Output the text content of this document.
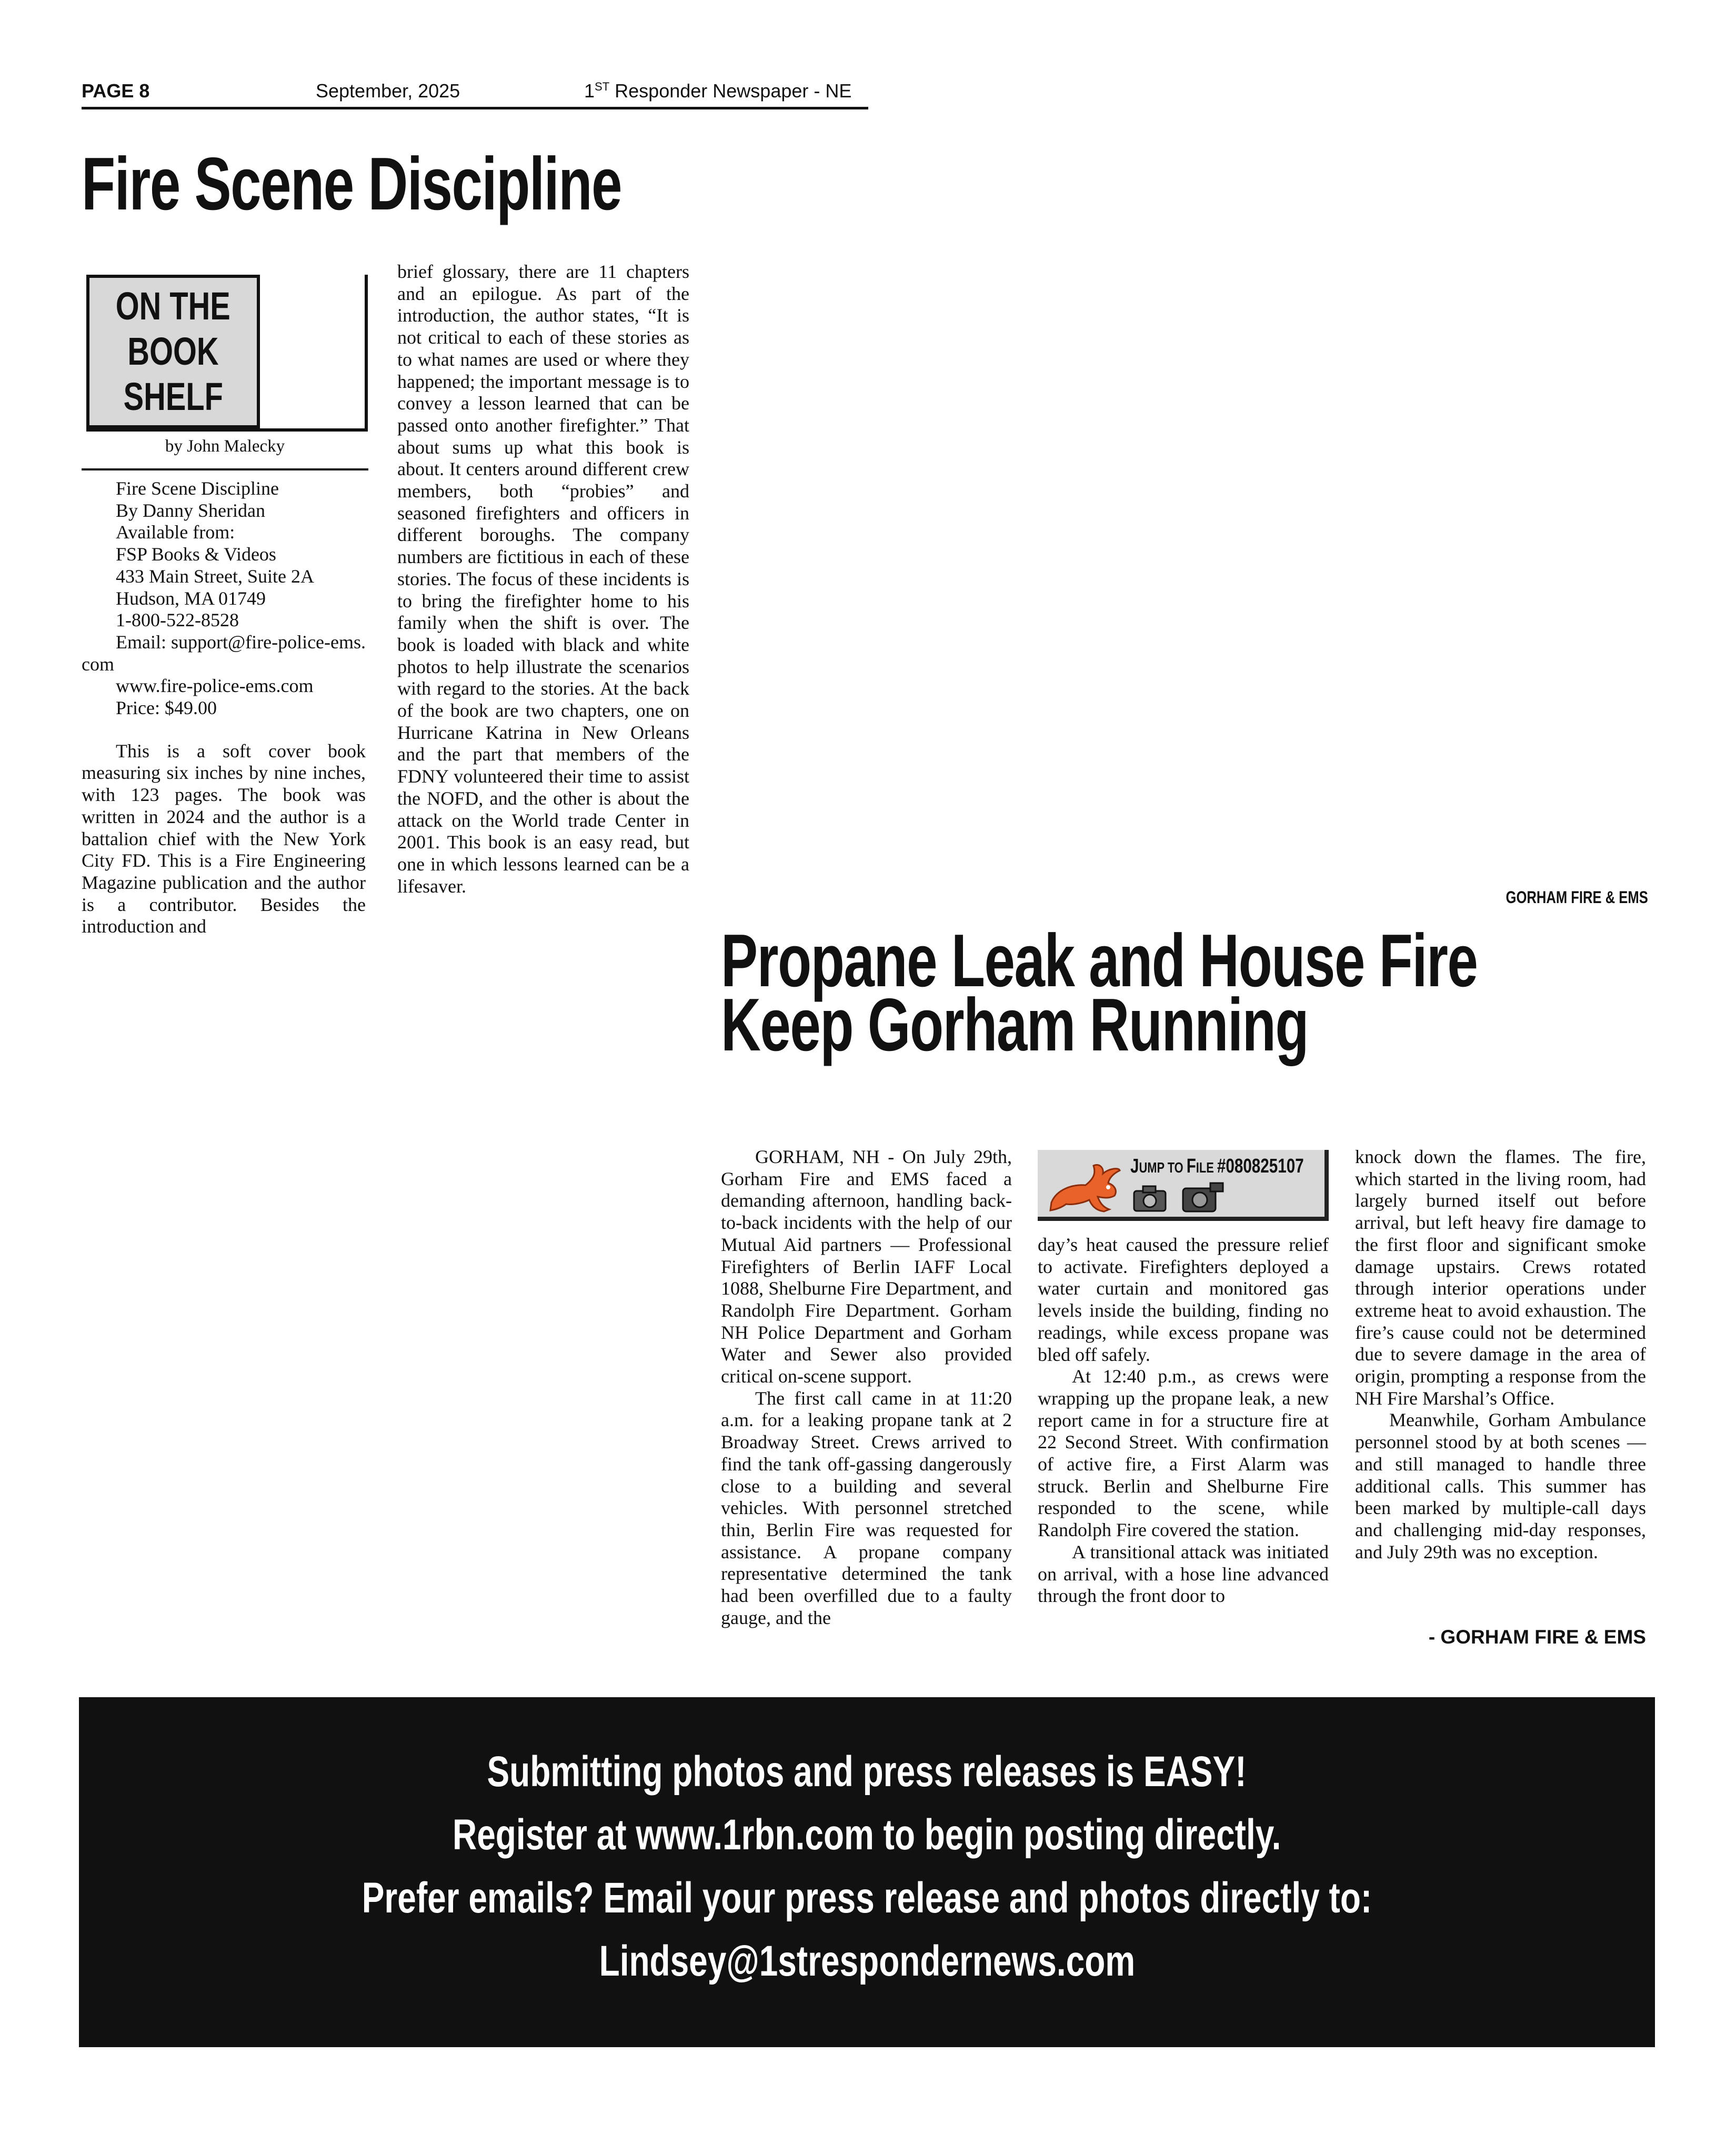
PAGE 8	September, 2025	1ST Responder Newspaper - NE
Fire Scene Discipline
ON THE
BOOK
SHELF
by John Malecky
Fire Scene Discipline
By Danny Sheridan
Available from:
FSP Books & Videos
433 Main Street, Suite 2A
Hudson, MA 01749
1-800-522-8528
Email: support@fire-police-ems.com
www.fire-police-ems.com
Price: $49.00

This is a soft cover book measuring six inches by nine inches, with 123 pages. The book was written in 2024 and the author is a battalion chief with the New York City FD. This is a Fire Engineering Magazine publication and the author is a contributor. Besides the introduction and

brief glossary, there are 11 chapters and an epilogue. As part of the introduction, the author states, “It is not critical to each of these stories as to what names are used or where they happened; the important message is to convey a lesson learned that can be passed onto another firefighter.” That about sums up what this book is about. It centers around different crew members, both “probies” and seasoned firefighters and officers in different boroughs. The company numbers are fictitious in each of these stories. The focus of these incidents is to bring the firefighter home to his family when the shift is over. The book is loaded with black and white photos to help illustrate the scenarios with regard to the stories. At the back of the book are two chapters, one on Hurricane Katrina in New Orleans and the part that members of the FDNY volunteered their time to assist the NOFD, and the other is about the attack on the World trade Center in 2001. This book is an easy read, but one in which lessons learned can be a lifesaver.

GORHAM FIRE & EMS
Propane Leak and House Fire
Keep Gorham Running

GORHAM, NH - On July 29th, Gorham Fire and EMS faced a demanding afternoon, handling back-to-back incidents with the help of our Mutual Aid partners — Professional Firefighters of Berlin IAFF Local 1088, Shelburne Fire Department, and Randolph Fire Department. Gorham NH Police Department and Gorham Water and Sewer also provided critical on-scene support.

The first call came in at 11:20 a.m. for a leaking propane tank at 2 Broadway Street. Crews arrived to find the tank off-gassing dangerously close to a building and several vehicles. With personnel stretched thin, Berlin Fire was requested for assistance. A propane company representative determined the tank had been overfilled due to a faulty gauge, and the

JUMP TO FILE #080825107

day’s heat caused the pressure relief to activate. Firefighters deployed a water curtain and monitored gas levels inside the building, finding no readings, while excess propane was bled off safely.

At 12:40 p.m., as crews were wrapping up the propane leak, a new report came in for a structure fire at 22 Second Street. With confirmation of active fire, a First Alarm was struck. Berlin and Shelburne Fire responded to the scene, while Randolph Fire covered the station.

A transitional attack was initiated on arrival, with a hose line advanced through the front door to

knock down the flames. The fire, which started in the living room, had largely burned itself out before arrival, but left heavy fire damage to the first floor and significant smoke damage upstairs. Crews rotated through interior operations under extreme heat to avoid exhaustion. The fire’s cause could not be determined due to severe damage in the area of origin, prompting a response from the NH Fire Marshal’s Office.

Meanwhile, Gorham Ambulance personnel stood by at both scenes — and still managed to handle three additional calls. This summer has been marked by multiple-call days and challenging mid-day responses, and July 29th was no exception.

- GORHAM FIRE & EMS
Submitting photos and press releases is EASY!
Register at www.1rbn.com to begin posting directly.
Prefer emails? Email your press release and photos directly to:
Lindsey@1strespondernews.com
